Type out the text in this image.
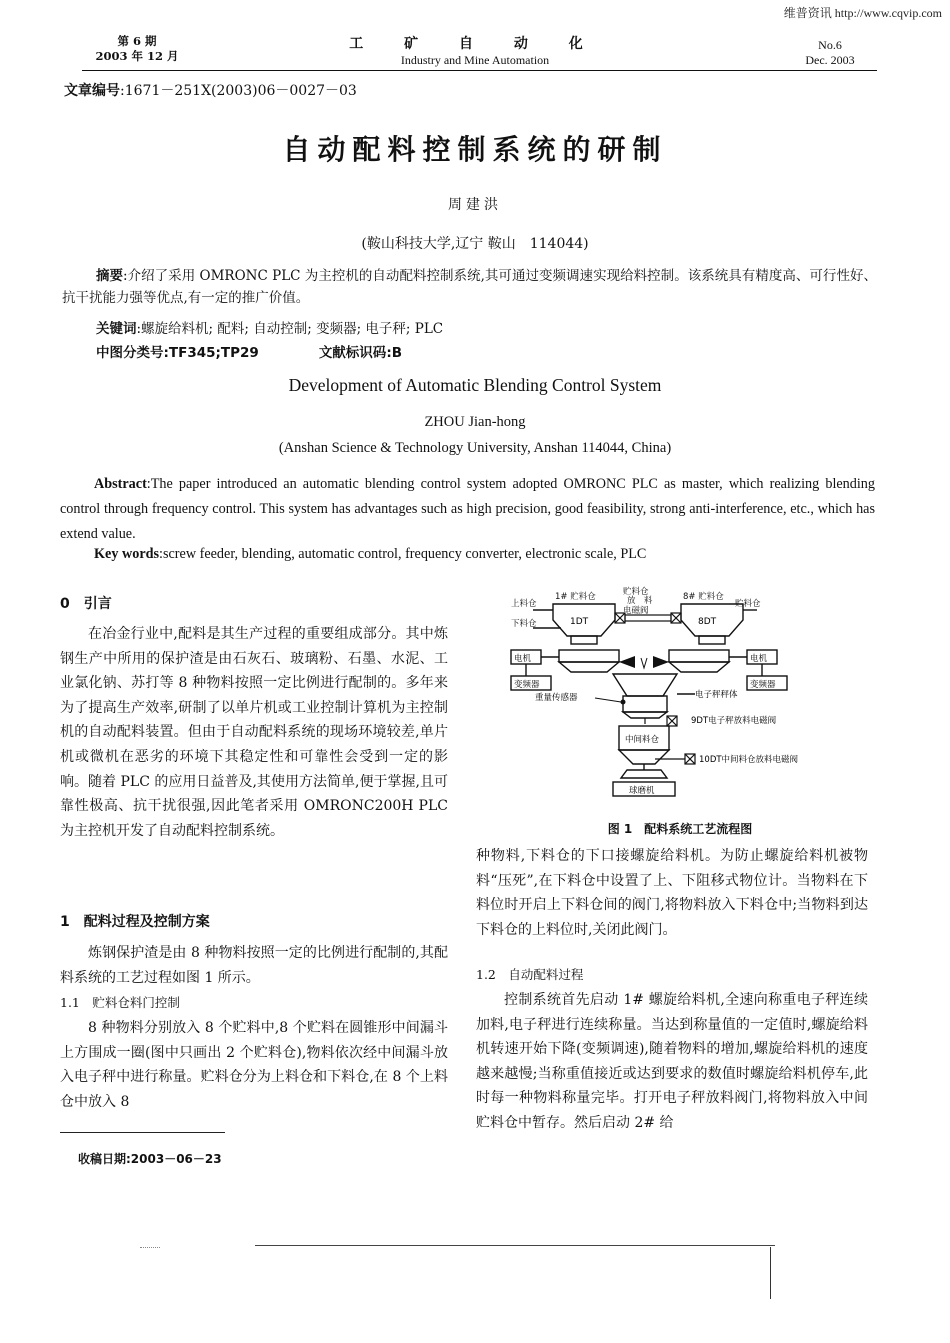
维普资讯 http://www.cqvip.com
第 6 期
2003 年 12 月
工 矿 自 动 化
Industry and Mine Automation
No.6
Dec. 2003
文章编号:1671－251X(2003)06－0027－03
自动配料控制系统的研制
周建洪
(鞍山科技大学,辽宁 鞍山　114044)
摘要:介绍了采用 OMRONC PLC 为主控机的自动配料控制系统,其可通过变频调速实现给料控制。该系统具有精度高、可行性好、抗干扰能力强等优点,有一定的推广价值。
关键词:螺旋给料机; 配料; 自动控制; 变频器; 电子秤; PLC
中图分类号:TF345;TP29	文献标识码:B
Development of Automatic Blending Control System
ZHOU Jian-hong
(Anshan Science & Technology University, Anshan 114044, China)
Abstract:The paper introduced an automatic blending control system adopted OMRONC PLC as master, which realizing blending control through frequency control. This system has advantages such as high precision, good feasibility, strong anti-interference, etc., which has extend value.
Key words:screw feeder, blending, automatic control, frequency converter, electronic scale, PLC
0　引言
在冶金行业中,配料是其生产过程的重要组成部分。其中炼钢生产中所用的保护渣是由石灰石、玻璃粉、石墨、水泥、工业氯化钠、苏打等 8 种物料按照一定比例进行配制的。多年来为了提高生产效率,研制了以单片机或工业控制计算机为主控制机的自动配料装置。但由于自动配料系统的现场环境较差,单片机或微机在恶劣的环境下其稳定性和可靠性会受到一定的影响。随着 PLC 的应用日益普及,其使用方法简单,便于掌握,且可靠性极高、抗干扰很强,因此笔者采用 OMRONC200H PLC 为主控机开发了自动配料控制系统。
1　配料过程及控制方案
炼钢保护渣是由 8 种物料按照一定的比例进行配制的,其配料系统的工艺过程如图 1 所示。
1.1　贮料仓料门控制
8 种物料分别放入 8 个贮料中,8 个贮料在圆锥形中间漏斗上方围成一圈(图中只画出 2 个贮料仓),物料依次经中间漏斗放入电子秤中进行称量。贮料仓分为上料仓和下料仓,在 8 个上料仓中放入 8
收稿日期:2003－06－23
上料仓
下料仓
1# 贮料仓	贮料仓
放　料
电磁阀
8# 贮料仓
贮料仓
1DT	8DT
电机
变频器
电机
变频器
重量传感器	电子秤秤体
9DT电子秤放料电磁阀
中间料仓
10DT中间料仓放料电磁阀
球磨机
图 1　配料系统工艺流程图
种物料,下料仓的下口接螺旋给料机。为防止螺旋给料机被物料“压死”,在下料仓中设置了上、下阻移式物位计。当物料在下料位时开启上下料仓间的阀门,将物料放入下料仓中;当物料到达下料仓的上料位时,关闭此阀门。
1.2　自动配料过程
控制系统首先启动 1# 螺旋给料机,全速向称重电子秤连续加料,电子秤进行连续称量。当达到称量值的一定值时,螺旋给料机转速开始下降(变频调速),随着物料的增加,螺旋给料机的速度越来越慢;当称重值接近或达到要求的数值时螺旋给料机停车,此时每一种物料称量完毕。打开电子秤放料阀门,将物料放入中间贮料仓中暂存。然后启动 2# 给
